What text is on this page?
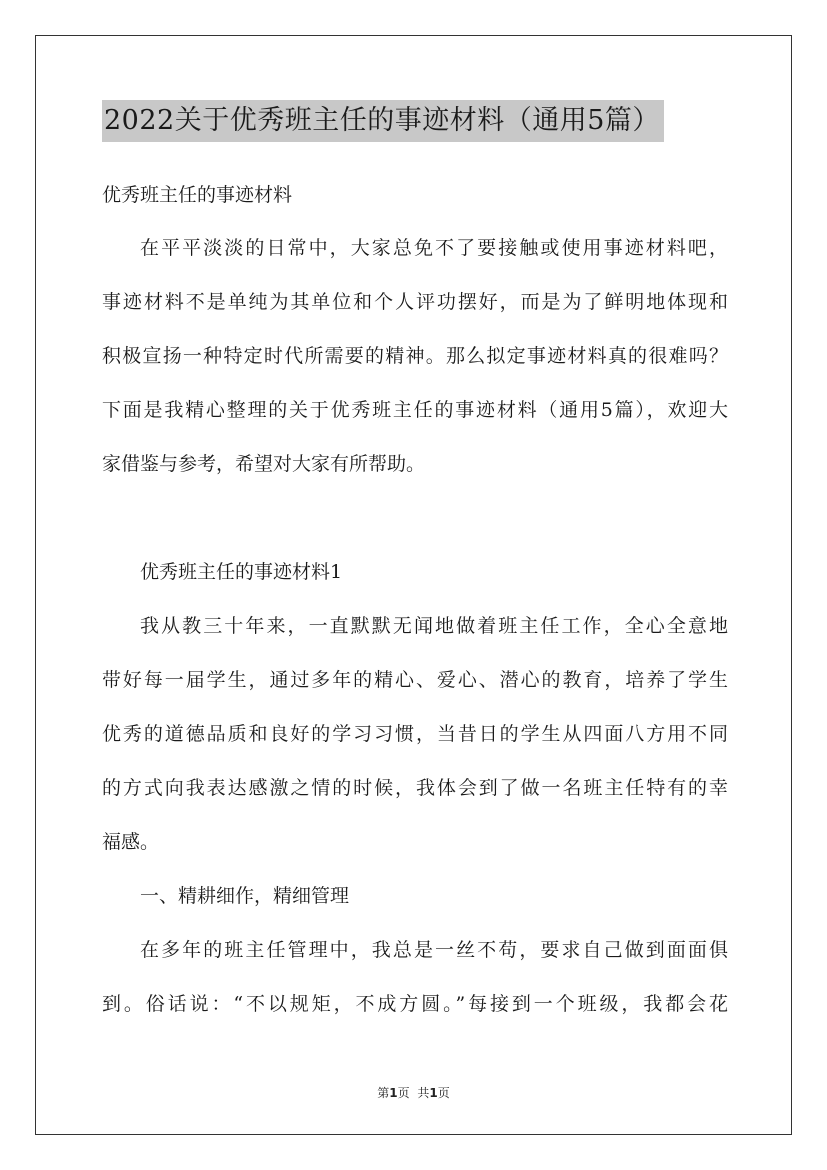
2022关于优秀班主任的事迹材料（通用5篇）
优秀班主任的事迹材料
在平平淡淡的日常中，大家总免不了要接触或使用事迹材料吧，
事迹材料不是单纯为其单位和个人评功摆好，而是为了鲜明地体现和
积极宣扬一种特定时代所需要的精神。那么拟定事迹材料真的很难吗？
下面是我精心整理的关于优秀班主任的事迹材料（通用5篇），欢迎大
家借鉴与参考，希望对大家有所帮助。
优秀班主任的事迹材料1
我从教三十年来，一直默默无闻地做着班主任工作，全心全意地
带好每一届学生，通过多年的精心、爱心、潜心的教育，培养了学生
优秀的道德品质和良好的学习习惯，当昔日的学生从四面八方用不同
的方式向我表达感激之情的时候，我体会到了做一名班主任特有的幸
福感。
一、精耕细作，精细管理
在多年的班主任管理中，我总是一丝不苟，要求自己做到面面俱
到。俗话说：“不以规矩，不成方圆。”每接到一个班级，我都会花
第1页 共1页
